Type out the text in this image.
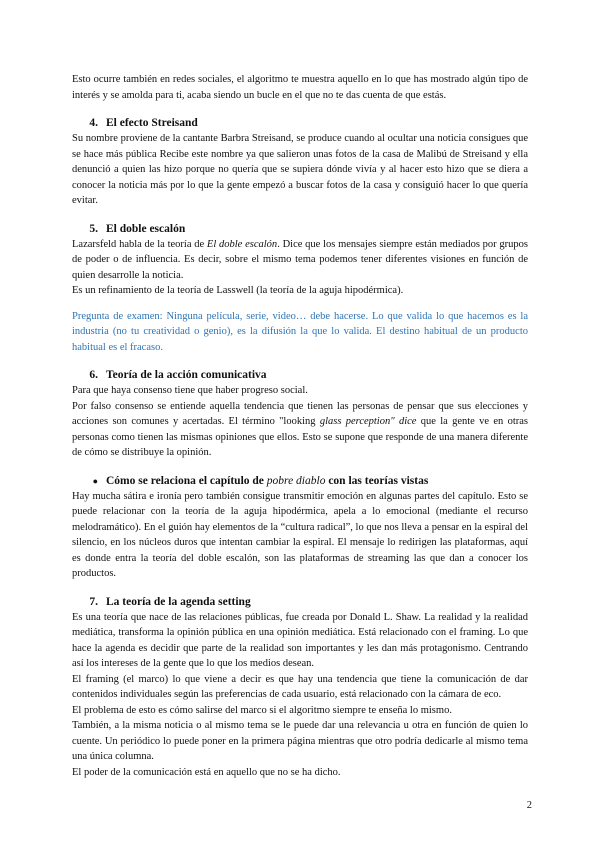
Esto ocurre también en redes sociales, el algoritmo te muestra aquello en lo que has mostrado algún tipo de interés y se amolda para ti, acaba siendo un bucle en el que no te das cuenta de que estás.

4. El efecto Streisand

Su nombre proviene de la cantante Barbra Streisand, se produce cuando al ocultar una noticia consigues que se hace más pública Recibe este nombre ya que salieron unas fotos de la casa de Malibú de Streisand y ella denunció a quien las hizo porque no quería que se supiera dónde vivía y al hacer esto hizo que se diera a conocer la noticia más por lo que la gente empezó a buscar fotos de la casa y consiguió hacer lo que quería evitar.

5. El doble escalón

Lazarsfeld habla de la teoría de El doble escalón. Dice que los mensajes siempre están mediados por grupos de poder o de influencia. Es decir, sobre el mismo tema podemos tener diferentes visiones en función de quien desarrolle la noticia.

Es un refinamiento de la teoría de Lasswell (la teoría de la aguja hipodérmica).

Pregunta de examen: Ninguna película, serie, video… debe hacerse. Lo que valida lo que hacemos es la industria (no tu creatividad o genio), es la difusión la que lo valida. El destino habitual de un producto habitual es el fracaso.

6. Teoría de la acción comunicativa

Para que haya consenso tiene que haber progreso social.

Por falso consenso se entiende aquella tendencia que tienen las personas de pensar que sus elecciones y acciones son comunes y acertadas. El término "looking glass perception" dice que la gente ve en otras personas como tienen las mismas opiniones que ellos. Esto se supone que responde de una manera diferente de cómo se distribuye la opinión.

● Cómo se relaciona el capítulo de pobre diablo con las teorías vistas

Hay mucha sátira e ironía pero también consigue transmitir emoción en algunas partes del capítulo. Esto se puede relacionar con la teoría de la aguja hipodérmica, apela a lo emocional (mediante el recurso melodramático). En el guión hay elementos de la “cultura radical”, lo que nos lleva a pensar en la espiral del silencio, en los núcleos duros que intentan cambiar la espiral. El mensaje lo redirigen las plataformas, aquí es donde entra la teoría del doble escalón, son las plataformas de streaming las que dan a conocer los productos.

7. La teoría de la agenda setting

Es una teoría que nace de las relaciones públicas, fue creada por Donald L. Shaw. La realidad y la realidad mediática, transforma la opinión pública en una opinión mediática. Está relacionado con el framing. Lo que hace la agenda es decidir que parte de la realidad son importantes y les dan más protagonismo. Centrando así los intereses de la gente que lo que los medios desean.

El framing (el marco) lo que viene a decir es que hay una tendencia que tiene la comunicación de dar contenidos individuales según las preferencias de cada usuario, está relacionado con la cámara de eco.

El problema de esto es cómo salirse del marco si el algoritmo siempre te enseña lo mismo.

También, a la misma noticia o al mismo tema se le puede dar una relevancia u otra en función de quien lo cuente. Un periódico lo puede poner en la primera página mientras que otro podría dedicarle al mismo tema una única columna.

El poder de la comunicación está en aquello que no se ha dicho.

2
